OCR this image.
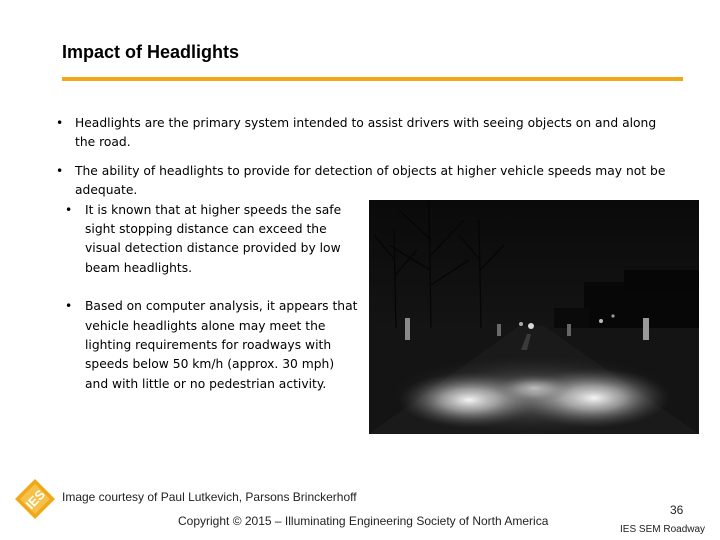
Impact of Headlights
• Headlights are the primary system intended to assist drivers with seeing objects on and along the road.
• The ability of headlights to provide for detection of objects at higher vehicle speeds may not be adequate.
• It is known that at higher speeds the safe sight stopping distance can exceed the visual detection distance provided by low beam headlights.
• Based on computer analysis, it appears that vehicle headlights alone may meet the lighting requirements for roadways with speeds below 50 km/h (approx. 30 mph) and with little or no pedestrian activity.
IES Image courtesy of Paul Lutkevich, Parsons Brinckerhoff
Copyright © 2015 – Illuminating Engineering Society of North America
36
IES SEM Roadway
